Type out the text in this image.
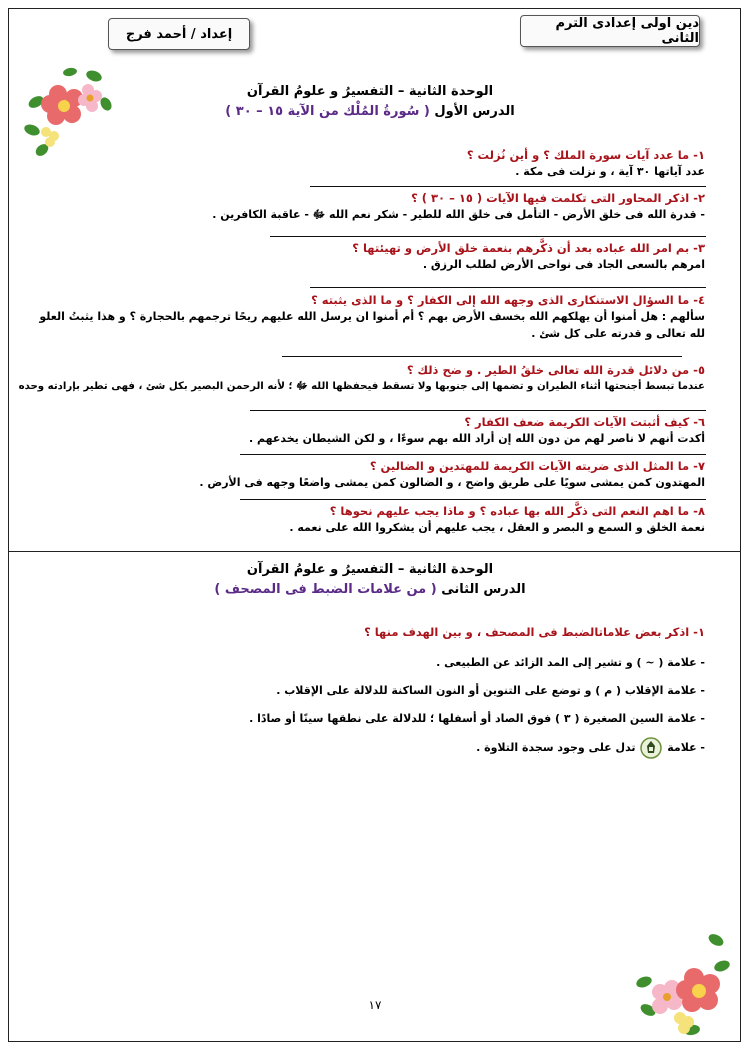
دين اولى إعدادى الترم الثانى
إعداد / أحمد فرج
الوحدة الثانية – التفسيرُ و علومُ القرآن
الدرس الأول ( سُورةُ المُلْك من الآية ١٥ – ٣٠ )
١- ما عدد آيات سورة الملك ؟ و أين نُزلت ؟
عدد آياتها ٣٠ آية ، و نزلت فى مكة .
٢- اذكر المحاور التى تكلمت فيها الآيات ( ١٥ – ٣٠ ) ؟
- قدرة الله فى خلق الأرض - التأمل فى خلق الله للطير - شكر نعم الله ﷻ - عاقبة الكافرين .
٣- بم امر الله عباده بعد أن ذكَّرهم بنعمة خلق الأرض و تهيئتها ؟
امرهم بالسعى الجاد فى نواحى الأرض لطلب الرزق .
٤- ما السؤال الاستنكارى الذى وجهه الله إلى الكفار ؟ و ما الذى يثبته ؟
سألهم : هل أمنوا أن يهلكهم الله بخسف الأرض بهم ؟ أم أمنوا ان يرسل الله عليهم ريحًا ترجمهم بالحجارة ؟ و هذا يثبتُ العلو لله تعالى و قدرته على كل شئ .
٥- من دلائل قدرة الله تعالى خلقُ الطير . و ضح ذلك ؟
عندما تبسط أجنحتها أثناء الطيران و تضمها إلى جنوبها ولا تسقط فيحفظها الله ﷻ ؛ لأنه الرحمن البصير بكل شئ ، فهى تطير بإرادته وحده
٦- كيف أثبتت الآيات الكريمة ضعف الكفار ؟
أكدت أنهم لا ناصر لهم من دون الله إن أراد الله بهم سوءًا ، و لكن الشيطان يخدعهم .
٧- ما المثل الذى ضربته الآيات الكريمة للمهتدين و الضالين ؟
المهتدون كمن يمشى سويًا على طريق واضح ، و الضالون كمن يمشى واضعًا وجهه فى الأرض .
٨- ما اهم النعم التى ذكَّر الله بها عباده ؟ و ماذا يجب عليهم نحوها ؟
نعمة الخلق و السمع و البصر و العقل ، يجب عليهم أن يشكروا الله على نعمه .
الوحدة الثانية – التفسيرُ و علومُ القرآن
الدرس الثانى ( من علامات الضبط فى المصحف )
١- اذكر بعض علاماتالضبط فى المصحف ، و بين الهدف منها ؟
- علامة ( ~ ) و تشير إلى المد الزائد عن الطبيعى .
- علامة الإقلاب ( م ) و توضع على التنوين أو النون الساكنة للدلالة على الإقلاب .
- علامة السين الصغيرة ( ٣ ) فوق الصاد أو أسفلها ؛ للدلالة على نطقها سينًا أو صادًا .
- علامة  تدل على وجود سجدة التلاوة .
١٧
